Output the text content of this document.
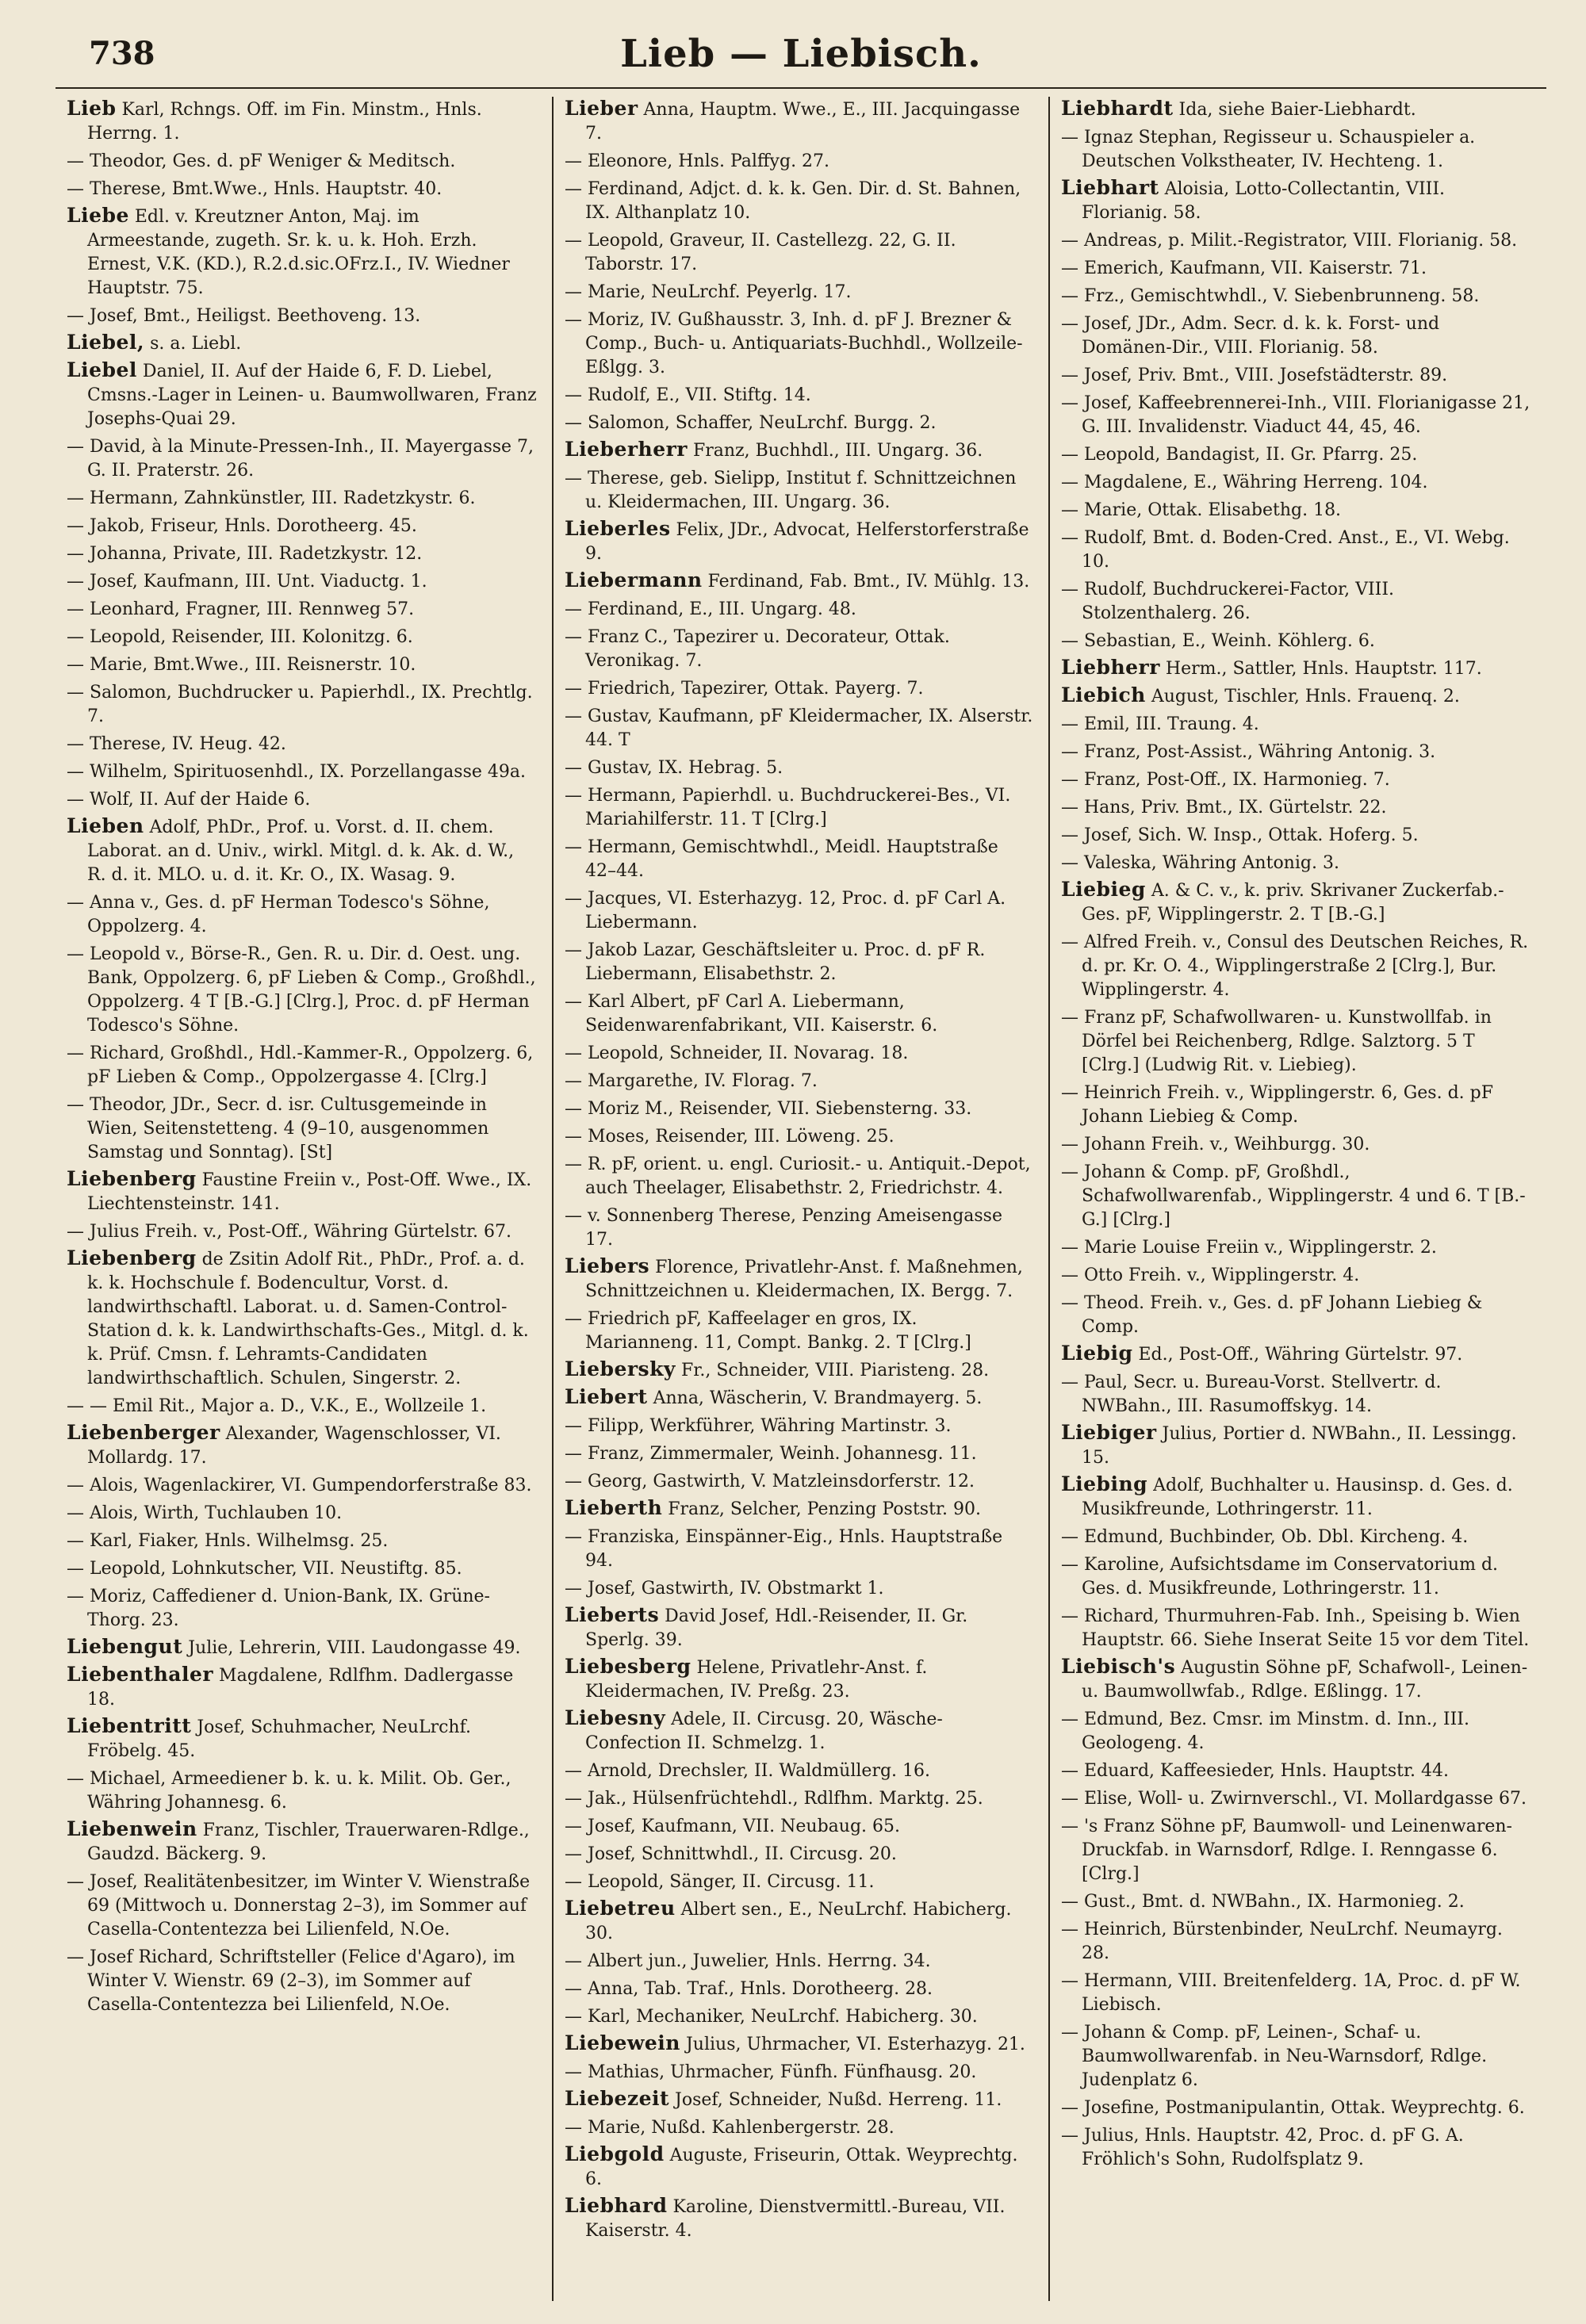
738	Lieb — Liebisch.
Lieb Karl, Rchngs. Off. im Fin. Minstm., Hnls. Herrng. 1.
— Theodor, Ges. d. pF Weniger & Meditsch.
— Therese, Bmt.Wwe., Hnls. Hauptstr. 40.
Liebe Edl. v. Kreutzner Anton, Maj. im Armeestande, zugeth. Sr. k. u. k. Hoh. Erzh. Ernest, V.K. (KD.), R.2.d.sic.OFrz.I., IV. Wiedner Hauptstr. 75.
— Josef, Bmt., Heiligst. Beethoveng. 13.
Liebel, s. a. Liebl.
Liebel Daniel, II. Auf der Haide 6, F. D. Liebel, Cmsns.-Lager in Leinen- u. Baumwollwaren, Franz Josephs-Quai 29.
— David, à la Minute-Pressen-Inh., II. Mayergasse 7, G. II. Praterstr. 26.
— Hermann, Zahnkünstler, III. Radetzkystr. 6.
— Jakob, Friseur, Hnls. Dorotheerg. 45.
— Johanna, Private, III. Radetzkystr. 12.
— Josef, Kaufmann, III. Unt. Viaductg. 1.
— Leonhard, Fragner, III. Rennweg 57.
— Leopold, Reisender, III. Kolonitzg. 6.
— Marie, Bmt.Wwe., III. Reisnerstr. 10.
— Salomon, Buchdrucker u. Papierhdl., IX. Prechtlg. 7.
— Therese, IV. Heug. 42.
— Wilhelm, Spirituosenhdl., IX. Porzellangasse 49a.
— Wolf, II. Auf der Haide 6.
Lieben Adolf, PhDr., Prof. u. Vorst. d. II. chem. Laborat. an d. Univ., wirkl. Mitgl. d. k. Ak. d. W., R. d. it. MLO. u. d. it. Kr. O., IX. Wasag. 9.
— Anna v., Ges. d. pF Herman Todesco's Söhne, Oppolzerg. 4.
— Leopold v., Börse-R., Gen. R. u. Dir. d. Oest. ung. Bank, Oppolzerg. 6, pF Lieben & Comp., Großhdl., Oppolzerg. 4 T [B.-G.] [Clrg.], Proc. d. pF Herman Todesco's Söhne.
— Richard, Großhdl., Hdl.-Kammer-R., Oppolzerg. 6, pF Lieben & Comp., Oppolzergasse 4. [Clrg.]
— Theodor, JDr., Secr. d. isr. Cultusgemeinde in Wien, Seitenstetteng. 4 (9–10, ausgenommen Samstag und Sonntag). [St]
Liebenberg Faustine Freiin v., Post-Off. Wwe., IX. Liechtensteinstr. 141.
— Julius Freih. v., Post-Off., Währing Gürtelstr. 67.
Liebenberg de Zsitin Adolf Rit., PhDr., Prof. a. d. k. k. Hochschule f. Bodencultur, Vorst. d. landwirthschaftl. Laborat. u. d. Samen-Control-Station d. k. k. Landwirthschafts-Ges., Mitgl. d. k. k. Prüf. Cmsn. f. Lehramts-Candidaten landwirthschaftlich. Schulen, Singerstr. 2.
— — Emil Rit., Major a. D., V.K., E., Wollzeile 1.
Liebenberger Alexander, Wagenschlosser, VI. Mollardg. 17.
— Alois, Wagenlackirer, VI. Gumpendorferstraße 83.
— Alois, Wirth, Tuchlauben 10.
— Karl, Fiaker, Hnls. Wilhelmsg. 25.
— Leopold, Lohnkutscher, VII. Neustiftg. 85.
— Moriz, Caffediener d. Union-Bank, IX. Grüne-Thorg. 23.
Liebengut Julie, Lehrerin, VIII. Laudongasse 49.
Liebenthaler Magdalene, Rdlfhm. Dadlergasse 18.
Liebentritt Josef, Schuhmacher, NeuLrchf. Fröbelg. 45.
— Michael, Armeediener b. k. u. k. Milit. Ob. Ger., Währing Johannesg. 6.
Liebenwein Franz, Tischler, Trauerwaren-Rdlge., Gaudzd. Bäckerg. 9.
— Josef, Realitätenbesitzer, im Winter V. Wienstraße 69 (Mittwoch u. Donnerstag 2–3), im Sommer auf Casella-Contentezza bei Lilienfeld, N.Oe.
— Josef Richard, Schriftsteller (Felice d'Agaro), im Winter V. Wienstr. 69 (2–3), im Sommer auf Casella-Contentezza bei Lilienfeld, N.Oe.
Lieber Anna, Hauptm. Wwe., E., III. Jacquingasse 7.
— Eleonore, Hnls. Palffyg. 27.
— Ferdinand, Adjct. d. k. k. Gen. Dir. d. St. Bahnen, IX. Althanplatz 10.
— Leopold, Graveur, II. Castellezg. 22, G. II. Taborstr. 17.
— Marie, NeuLrchf. Peyerlg. 17.
— Moriz, IV. Gußhausstr. 3, Inh. d. pF J. Brezner & Comp., Buch- u. Antiquariats-Buchhdl., Wollzeile-Eßlgg. 3.
— Rudolf, E., VII. Stiftg. 14.
— Salomon, Schaffer, NeuLrchf. Burgg. 2.
Lieberherr Franz, Buchhdl., III. Ungarg. 36.
— Therese, geb. Sielipp, Institut f. Schnittzeichnen u. Kleidermachen, III. Ungarg. 36.
Lieberles Felix, JDr., Advocat, Helferstorferstraße 9.
Liebermann Ferdinand, Fab. Bmt., IV. Mühlg. 13.
— Ferdinand, E., III. Ungarg. 48.
— Franz C., Tapezirer u. Decorateur, Ottak. Veronikag. 7.
— Friedrich, Tapezirer, Ottak. Payerg. 7.
— Gustav, Kaufmann, pF Kleidermacher, IX. Alserstr. 44. T
— Gustav, IX. Hebrag. 5.
— Hermann, Papierhdl. u. Buchdruckerei-Bes., VI. Mariahilferstr. 11. T [Clrg.]
— Hermann, Gemischtwhdl., Meidl. Hauptstraße 42–44.
— Jacques, VI. Esterhazyg. 12, Proc. d. pF Carl A. Liebermann.
— Jakob Lazar, Geschäftsleiter u. Proc. d. pF R. Liebermann, Elisabethstr. 2.
— Karl Albert, pF Carl A. Liebermann, Seidenwarenfabrikant, VII. Kaiserstr. 6.
— Leopold, Schneider, II. Novarag. 18.
— Margarethe, IV. Florag. 7.
— Moriz M., Reisender, VII. Siebensterng. 33.
— Moses, Reisender, III. Löweng. 25.
— R. pF, orient. u. engl. Curiosit.- u. Antiquit.-Depot, auch Theelager, Elisabethstr. 2, Friedrichstr. 4.
— v. Sonnenberg Therese, Penzing Ameisengasse 17.
Liebers Florence, Privatlehr-Anst. f. Maßnehmen, Schnittzeichnen u. Kleidermachen, IX. Bergg. 7.
— Friedrich pF, Kaffeelager en gros, IX. Marianneng. 11, Compt. Bankg. 2. T [Clrg.]
Liebersky Fr., Schneider, VIII. Piaristeng. 28.
Liebert Anna, Wäscherin, V. Brandmayerg. 5.
— Filipp, Werkführer, Währing Martinstr. 3.
— Franz, Zimmermaler, Weinh. Johannesg. 11.
— Georg, Gastwirth, V. Matzleinsdorferstr. 12.
Lieberth Franz, Selcher, Penzing Poststr. 90.
— Franziska, Einspänner-Eig., Hnls. Hauptstraße 94.
— Josef, Gastwirth, IV. Obstmarkt 1.
Lieberts David Josef, Hdl.-Reisender, II. Gr. Sperlg. 39.
Liebesberg Helene, Privatlehr-Anst. f. Kleidermachen, IV. Preßg. 23.
Liebesny Adele, II. Circusg. 20, Wäsche-Confection II. Schmelzg. 1.
— Arnold, Drechsler, II. Waldmüllerg. 16.
— Jak., Hülsenfrüchtehdl., Rdlfhm. Marktg. 25.
— Josef, Kaufmann, VII. Neubaug. 65.
— Josef, Schnittwhdl., II. Circusg. 20.
— Leopold, Sänger, II. Circusg. 11.
Liebetreu Albert sen., E., NeuLrchf. Habicherg. 30.
— Albert jun., Juwelier, Hnls. Herrng. 34.
— Anna, Tab. Traf., Hnls. Dorotheerg. 28.
— Karl, Mechaniker, NeuLrchf. Habicherg. 30.
Liebewein Julius, Uhrmacher, VI. Esterhazyg. 21.
— Mathias, Uhrmacher, Fünfh. Fünfhausg. 20.
Liebezeit Josef, Schneider, Nußd. Herreng. 11.
— Marie, Nußd. Kahlenbergerstr. 28.
Liebgold Auguste, Friseurin, Ottak. Weyprechtg. 6.
Liebhard Karoline, Dienstvermittl.-Bureau, VII. Kaiserstr. 4.
Liebhardt Ida, siehe Baier-Liebhardt.
— Ignaz Stephan, Regisseur u. Schauspieler a. Deutschen Volkstheater, IV. Hechteng. 1.
Liebhart Aloisia, Lotto-Collectantin, VIII. Florianig. 58.
— Andreas, p. Milit.-Registrator, VIII. Florianig. 58.
— Emerich, Kaufmann, VII. Kaiserstr. 71.
— Frz., Gemischtwhdl., V. Siebenbrunneng. 58.
— Josef, JDr., Adm. Secr. d. k. k. Forst- und Domänen-Dir., VIII. Florianig. 58.
— Josef, Priv. Bmt., VIII. Josefstädterstr. 89.
— Josef, Kaffeebrennerei-Inh., VIII. Florianigasse 21, G. III. Invalidenstr. Viaduct 44, 45, 46.
— Leopold, Bandagist, II. Gr. Pfarrg. 25.
— Magdalene, E., Währing Herreng. 104.
— Marie, Ottak. Elisabethg. 18.
— Rudolf, Bmt. d. Boden-Cred. Anst., E., VI. Webg. 10.
— Rudolf, Buchdruckerei-Factor, VIII. Stolzenthalerg. 26.
— Sebastian, E., Weinh. Köhlerg. 6.
Liebherr Herm., Sattler, Hnls. Hauptstr. 117.
Liebich August, Tischler, Hnls. Frauenq. 2.
— Emil, III. Traung. 4.
— Franz, Post-Assist., Währing Antonig. 3.
— Franz, Post-Off., IX. Harmonieg. 7.
— Hans, Priv. Bmt., IX. Gürtelstr. 22.
— Josef, Sich. W. Insp., Ottak. Hoferg. 5.
— Valeska, Währing Antonig. 3.
Liebieg A. & C. v., k. priv. Skrivaner Zuckerfab.-Ges. pF, Wipplingerstr. 2. T [B.-G.]
— Alfred Freih. v., Consul des Deutschen Reiches, R. d. pr. Kr. O. 4., Wipplingerstraße 2 [Clrg.], Bur. Wipplingerstr. 4.
— Franz pF, Schafwollwaren- u. Kunstwollfab. in Dörfel bei Reichenberg, Rdlge. Salztorg. 5 T [Clrg.] (Ludwig Rit. v. Liebieg).
— Heinrich Freih. v., Wipplingerstr. 6, Ges. d. pF Johann Liebieg & Comp.
— Johann Freih. v., Weihburgg. 30.
— Johann & Comp. pF, Großhdl., Schafwollwarenfab., Wipplingerstr. 4 und 6. T [B.-G.] [Clrg.]
— Marie Louise Freiin v., Wipplingerstr. 2.
— Otto Freih. v., Wipplingerstr. 4.
— Theod. Freih. v., Ges. d. pF Johann Liebieg & Comp.
Liebig Ed., Post-Off., Währing Gürtelstr. 97.
— Paul, Secr. u. Bureau-Vorst. Stellvertr. d. NWBahn., III. Rasumoffskyg. 14.
Liebiger Julius, Portier d. NWBahn., II. Lessingg. 15.
Liebing Adolf, Buchhalter u. Hausinsp. d. Ges. d. Musikfreunde, Lothringerstr. 11.
— Edmund, Buchbinder, Ob. Dbl. Kircheng. 4.
— Karoline, Aufsichtsdame im Conservatorium d. Ges. d. Musikfreunde, Lothringerstr. 11.
— Richard, Thurmuhren-Fab. Inh., Speising b. Wien Hauptstr. 66. Siehe Inserat Seite 15 vor dem Titel.
Liebisch's Augustin Söhne pF, Schafwoll-, Leinen- u. Baumwollwfab., Rdlge. Eßlingg. 17.
— Edmund, Bez. Cmsr. im Minstm. d. Inn., III. Geologeng. 4.
— Eduard, Kaffeesieder, Hnls. Hauptstr. 44.
— Elise, Woll- u. Zwirnverschl., VI. Mollardgasse 67.
— 's Franz Söhne pF, Baumwoll- und Leinenwaren-Druckfab. in Warnsdorf, Rdlge. I. Renngasse 6. [Clrg.]
— Gust., Bmt. d. NWBahn., IX. Harmonieg. 2.
— Heinrich, Bürstenbinder, NeuLrchf. Neumayrg. 28.
— Hermann, VIII. Breitenfelderg. 1A, Proc. d. pF W. Liebisch.
— Johann & Comp. pF, Leinen-, Schaf- u. Baumwollwarenfab. in Neu-Warnsdorf, Rdlge. Judenplatz 6.
— Josefine, Postmanipulantin, Ottak. Weyprechtg. 6.
— Julius, Hnls. Hauptstr. 42, Proc. d. pF G. A. Fröhlich's Sohn, Rudolfsplatz 9.
